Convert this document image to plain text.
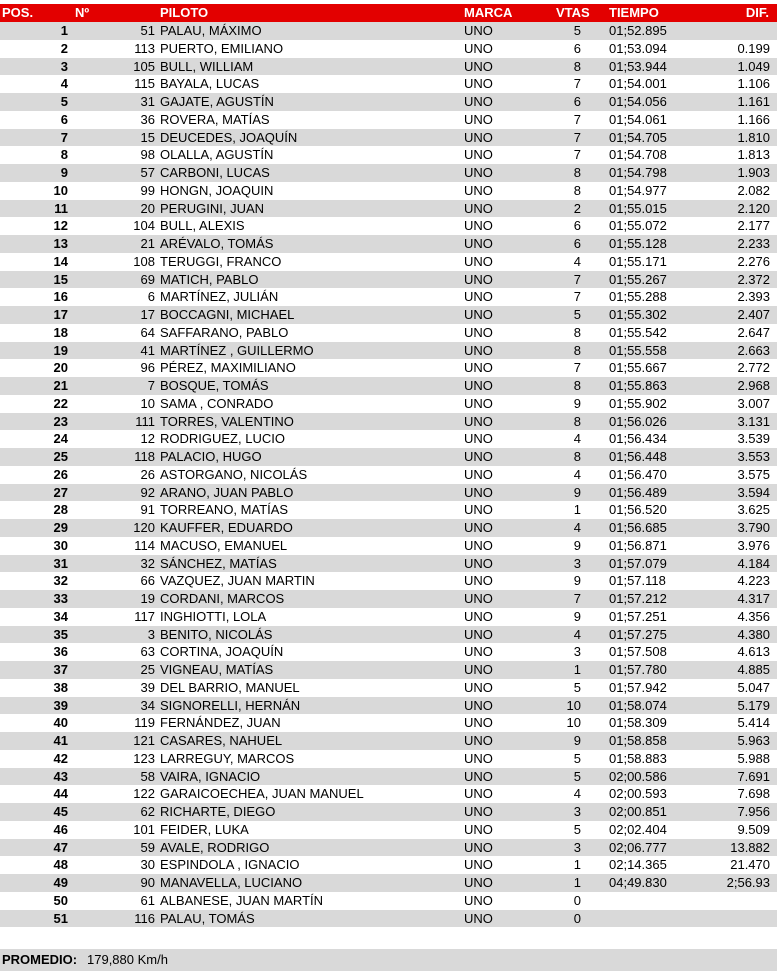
POS.	Nº	PILOTO	MARCA	VTAS TIEMPO	DIF.
1	51 PALAU, MÁXIMO	UNO	5 01;52.895
2	113 PUERTO, EMILIANO	UNO	6 01;53.094	0.199
3	105 BULL, WILLIAM	UNO	8 01;53.944	1.049
4	115 BAYALA, LUCAS	UNO	7 01;54.001	1.106
5	31 GAJATE, AGUSTÍN	UNO	6 01;54.056	1.161
6	36 ROVERA, MATÍAS	UNO	7 01;54.061	1.166
7	15 DEUCEDES, JOAQUÍN	UNO	7 01;54.705	1.810
8	98 OLALLA, AGUSTÍN	UNO	7 01;54.708	1.813
9	57 CARBONI, LUCAS	UNO	8 01;54.798	1.903
10	99 HONGN, JOAQUIN	UNO	8 01;54.977	2.082
11	20 PERUGINI, JUAN	UNO	2 01;55.015	2.120
12	104 BULL, ALEXIS	UNO	6 01;55.072	2.177
13	21 ARÉVALO, TOMÁS	UNO	6 01;55.128	2.233
14	108 TERUGGI, FRANCO	UNO	4 01;55.171	2.276
15	69 MATICH, PABLO	UNO	7 01;55.267	2.372
16	6 MARTÍNEZ, JULIÁN	UNO	7 01;55.288	2.393
17	17 BOCCAGNI, MICHAEL	UNO	5 01;55.302	2.407
18	64 SAFFARANO, PABLO	UNO	8 01;55.542	2.647
19	41 MARTÍNEZ , GUILLERMO	UNO	8 01;55.558	2.663
20	96 PÉREZ, MAXIMILIANO	UNO	7 01;55.667	2.772
21	7 BOSQUE, TOMÁS	UNO	8 01;55.863	2.968
22	10 SAMA , CONRADO	UNO	9 01;55.902	3.007
23	111 TORRES, VALENTINO	UNO	8 01;56.026	3.131
24	12 RODRIGUEZ, LUCIO	UNO	4 01;56.434	3.539
25	118 PALACIO, HUGO	UNO	8 01;56.448	3.553
26	26 ASTORGANO, NICOLÁS	UNO	4 01;56.470	3.575
27	92 ARANO, JUAN PABLO	UNO	9 01;56.489	3.594
28	91 TORREANO, MATÍAS	UNO	1 01;56.520	3.625
29	120 KAUFFER, EDUARDO	UNO	4 01;56.685	3.790
30	114 MACUSO, EMANUEL	UNO	9 01;56.871	3.976
31	32 SÁNCHEZ, MATÍAS	UNO	3 01;57.079	4.184
32	66 VAZQUEZ, JUAN MARTIN	UNO	9 01;57.118	4.223
33	19 CORDANI, MARCOS	UNO	7 01;57.212	4.317
34	117 INGHIOTTI, LOLA	UNO	9 01;57.251	4.356
35	3 BENITO, NICOLÁS	UNO	4 01;57.275	4.380
36	63 CORTINA, JOAQUÍN	UNO	3 01;57.508	4.613
37	25 VIGNEAU, MATÍAS	UNO	1 01;57.780	4.885
38	39 DEL BARRIO, MANUEL	UNO	5 01;57.942	5.047
39	34 SIGNORELLI, HERNÁN	UNO	10 01;58.074	5.179
40	119 FERNÁNDEZ, JUAN	UNO	10 01;58.309	5.414
41	121 CASARES, NAHUEL	UNO	9 01;58.858	5.963
42	123 LARREGUY, MARCOS	UNO	5 01;58.883	5.988
43	58 VAIRA, IGNACIO	UNO	5 02;00.586	7.691
44	122 GARAICOECHEA, JUAN MANUEL	UNO	4 02;00.593	7.698
45	62 RICHARTE, DIEGO	UNO	3 02;00.851	7.956
46	101 FEIDER, LUKA	UNO	5 02;02.404	9.509
47	59 AVALE, RODRIGO	UNO	3 02;06.777	13.882
48	30 ESPINDOLA , IGNACIO	UNO	1 02;14.365	21.470
49	90 MANAVELLA, LUCIANO	UNO	1 04;49.830	2;56.93
50	61 ALBANESE, JUAN MARTÍN	UNO	0
51	116 PALAU, TOMÁS	UNO	0
PROMEDIO: 179,880 Km/h
